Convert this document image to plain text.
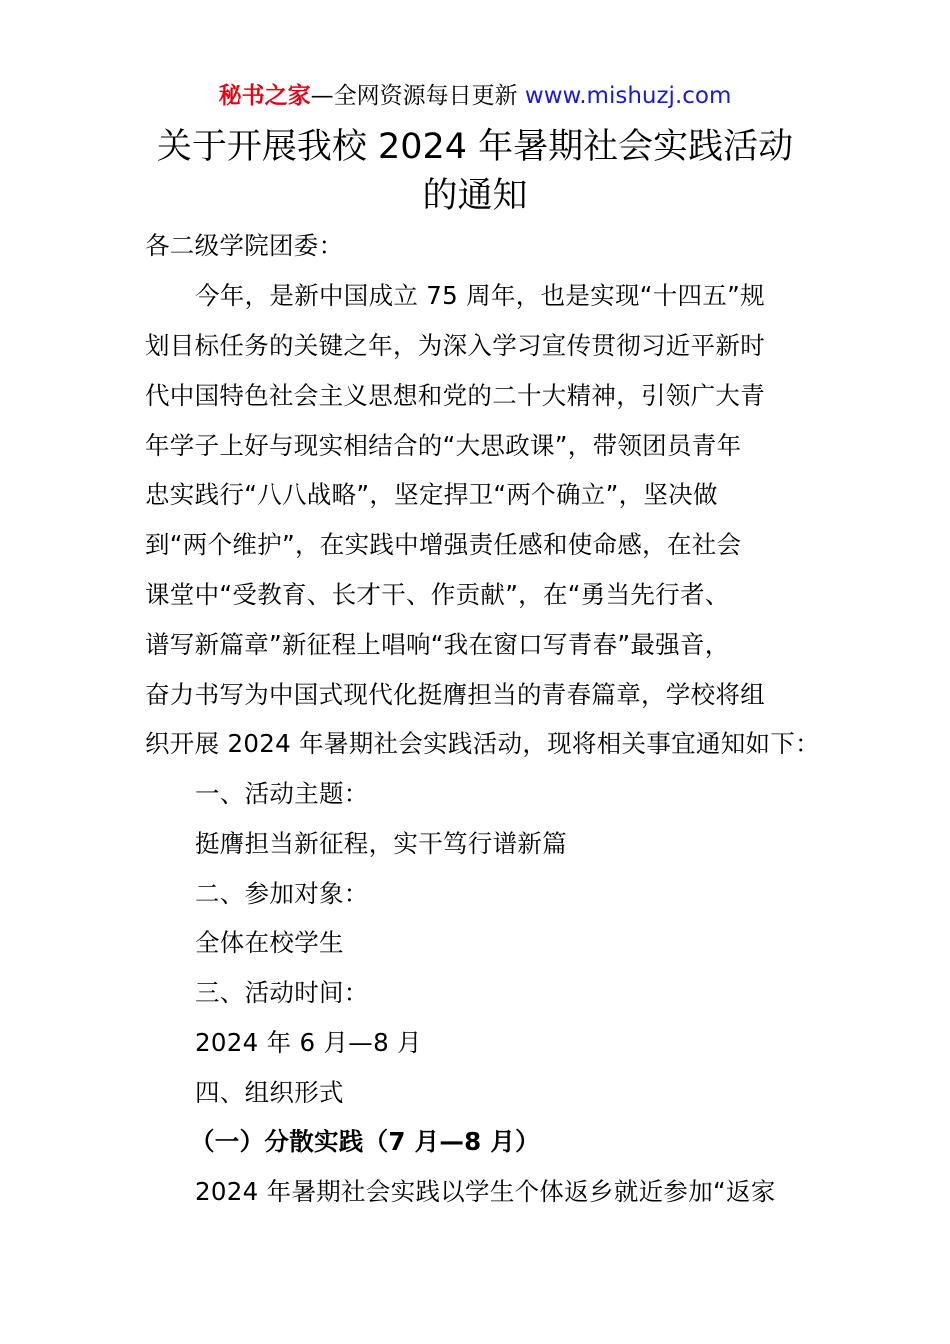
秘书之家—全网资源每日更新 www.mishuzj.com
关于开展我校 2024 年暑期社会实践活动
的通知
各二级学院团委：
今年，是新中国成立 75 周年，也是实现“十四五”规
划目标任务的关键之年，为深入学习宣传贯彻习近平新时
代中国特色社会主义思想和党的二十大精神，引领广大青
年学子上好与现实相结合的“大思政课”，带领团员青年
忠实践行“八八战略”，坚定捍卫“两个确立”，坚决做
到“两个维护”，在实践中增强责任感和使命感，在社会
课堂中“受教育、长才干、作贡献”，在“勇当先行者、
谱写新篇章”新征程上唱响“我在窗口写青春”最强音，
奋力书写为中国式现代化挺膺担当的青春篇章，学校将组
织开展 2024 年暑期社会实践活动，现将相关事宜通知如下：
一、活动主题：
挺膺担当新征程，实干笃行谱新篇
二、参加对象：
全体在校学生
三、活动时间：
2024 年 6 月—8 月
四、组织形式
（一）分散实践（7 月—8 月）
2024 年暑期社会实践以学生个体返乡就近参加“返家
